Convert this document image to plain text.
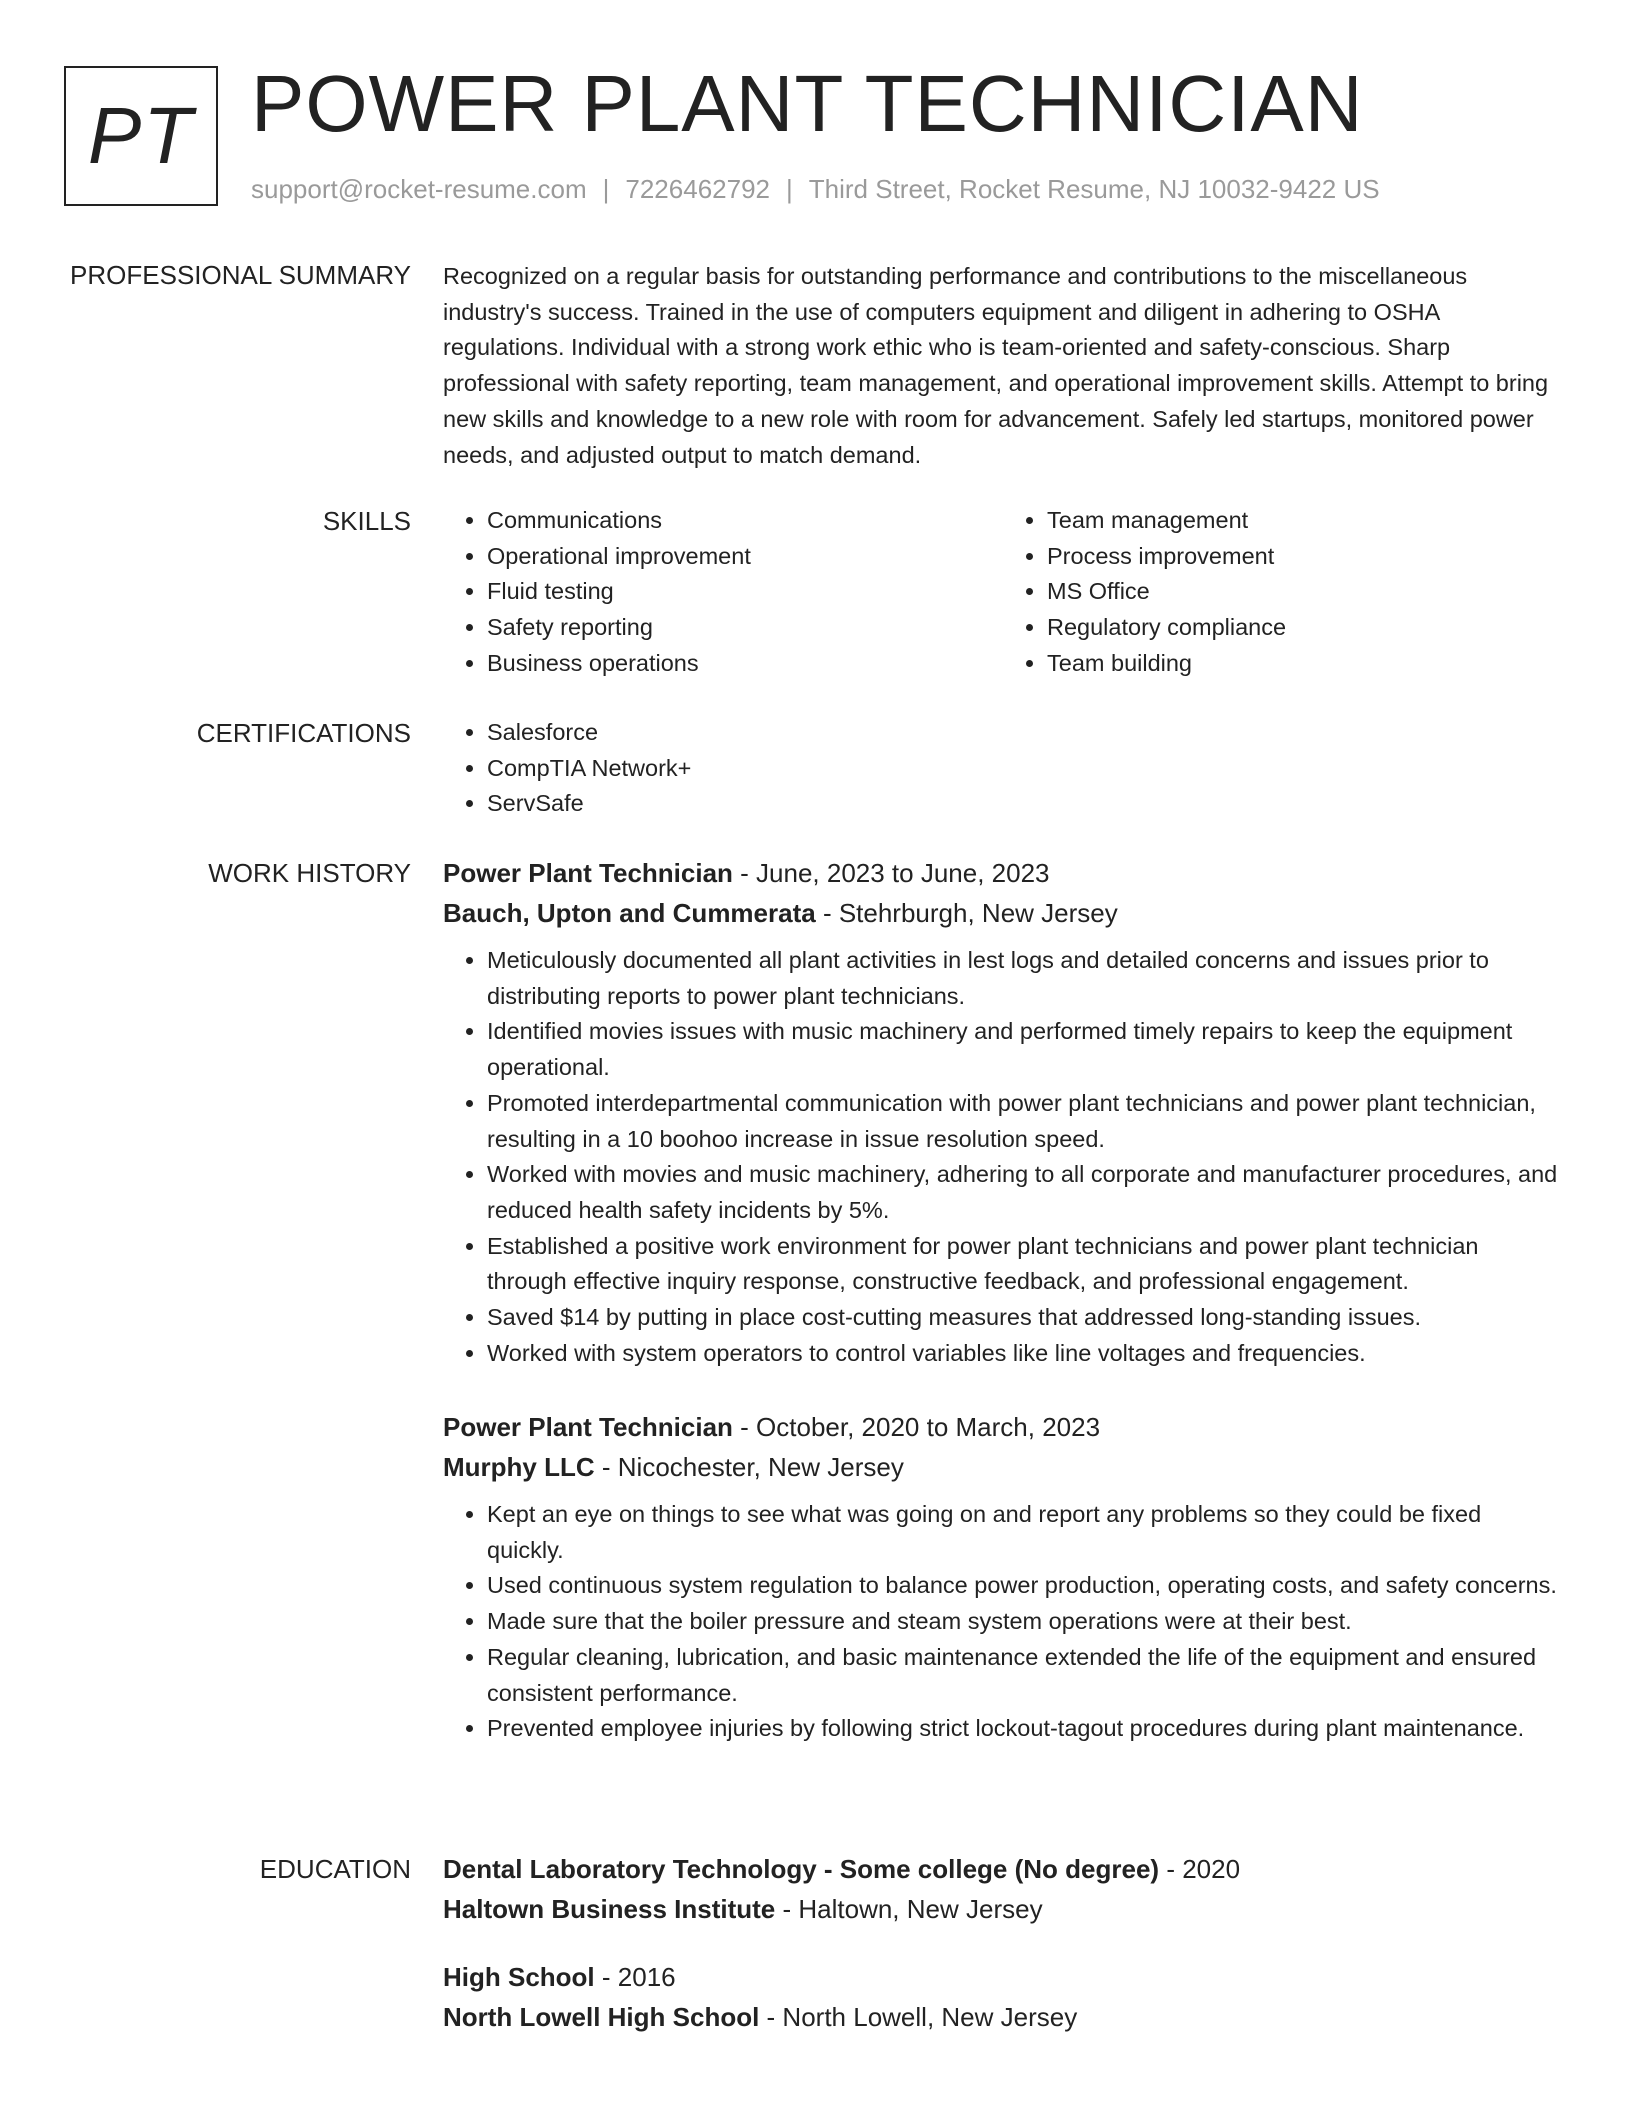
PT POWER PLANT TECHNICIAN
support@rocket-resume.com | 7226462792 | Third Street, Rocket Resume, NJ 10032-9422 US
PROFESSIONAL SUMMARY Recognized on a regular basis for outstanding performance and contributions to the miscellaneous industry's success. Trained in the use of computers equipment and diligent in adhering to OSHA regulations. Individual with a strong work ethic who is team-oriented and safety-conscious. Sharp professional with safety reporting, team management, and operational improvement skills. Attempt to bring new skills and knowledge to a new role with room for advancement. Safely led startups, monitored power needs, and adjusted output to match demand.

SKILLS	• Communications
• Operational improvement
• Fluid testing
• Safety reporting
• Business operations
• Team management
• Process improvement
• MS Office
• Regulatory compliance
• Team building
CERTIFICATIONS	• Salesforce
• CompTIA Network+
• ServSafe
WORK HISTORY Power Plant Technician - June, 2023 to June, 2023
Bauch, Upton and Cummerata - Stehrburgh, New Jersey
• Meticulously documented all plant activities in lest logs and detailed concerns and issues prior to distributing reports to power plant technicians.
• Identified movies issues with music machinery and performed timely repairs to keep the equipment operational.
• Promoted interdepartmental communication with power plant technicians and power plant technician, resulting in a 10 boohoo increase in issue resolution speed.
• Worked with movies and music machinery, adhering to all corporate and manufacturer procedures, and reduced health safety incidents by 5%.
• Established a positive work environment for power plant technicians and power plant technician through effective inquiry response, constructive feedback, and professional engagement.
• Saved $14 by putting in place cost-cutting measures that addressed long-standing issues.
• Worked with system operators to control variables like line voltages and frequencies.
Power Plant Technician - October, 2020 to March, 2023
Murphy LLC - Nicochester, New Jersey
• Kept an eye on things to see what was going on and report any problems so they could be fixed quickly.
• Used continuous system regulation to balance power production, operating costs, and safety concerns.
• Made sure that the boiler pressure and steam system operations were at their best.
• Regular cleaning, lubrication, and basic maintenance extended the life of the equipment and ensured consistent performance.
• Prevented employee injuries by following strict lockout-tagout procedures during plant maintenance.
EDUCATION Dental Laboratory Technology - Some college (No degree) - 2020
Haltown Business Institute - Haltown, New Jersey
High School - 2016
North Lowell High School - North Lowell, New Jersey
